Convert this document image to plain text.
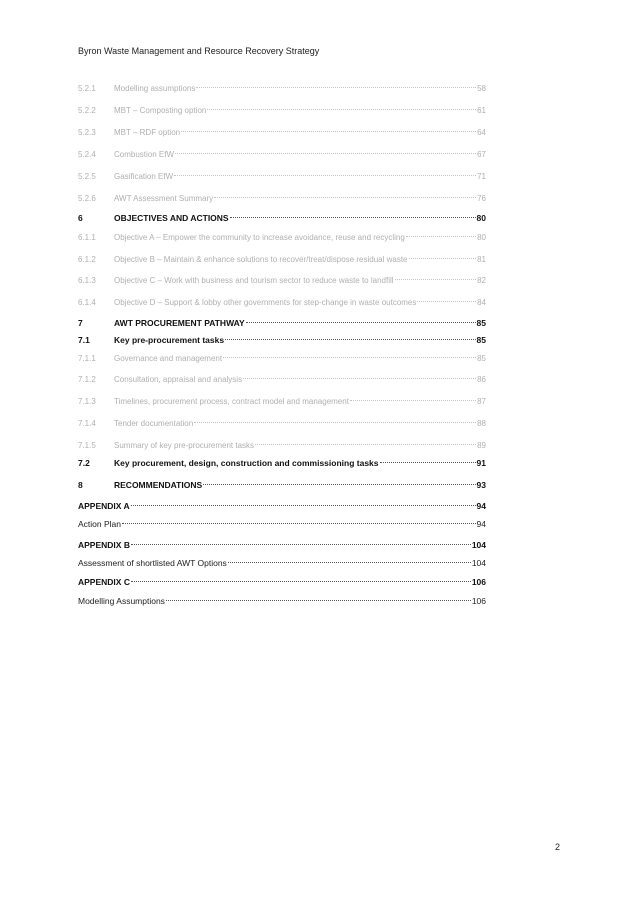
Byron Waste Management and Resource Recovery Strategy
5.2.1	Modelling assumptions	58
5.2.2	MBT – Composting option	61
5.2.3	MBT – RDF option	64
5.2.4	Combustion EfW	67
5.2.5	Gasification EfW	71
5.2.6	AWT Assessment Summary	76
6	OBJECTIVES AND ACTIONS	80
6.1.1	Objective A – Empower the community to increase avoidance, reuse and recycling	80
6.1.2	Objective B – Maintain & enhance solutions to recover/treat/dispose residual waste	81
6.1.3	Objective C – Work with business and tourism sector to reduce waste to landfill	82
6.1.4	Objective D – Support & lobby other governments for step-change in waste outcomes	84
7	AWT PROCUREMENT PATHWAY	85
7.1	Key pre-procurement tasks	85
7.1.1	Governance and management	85
7.1.2	Consultation, appraisal and analysis	86
7.1.3	Timelines, procurement process, contract model and management	87
7.1.4	Tender documentation	88
7.1.5	Summary of key pre-procurement tasks	89
7.2	Key procurement, design, construction and commissioning tasks	91
8	RECOMMENDATIONS	93
APPENDIX A	94
Action Plan	94
APPENDIX B	104
Assessment of shortlisted AWT Options	104
APPENDIX C	106
Modelling Assumptions	106
2
